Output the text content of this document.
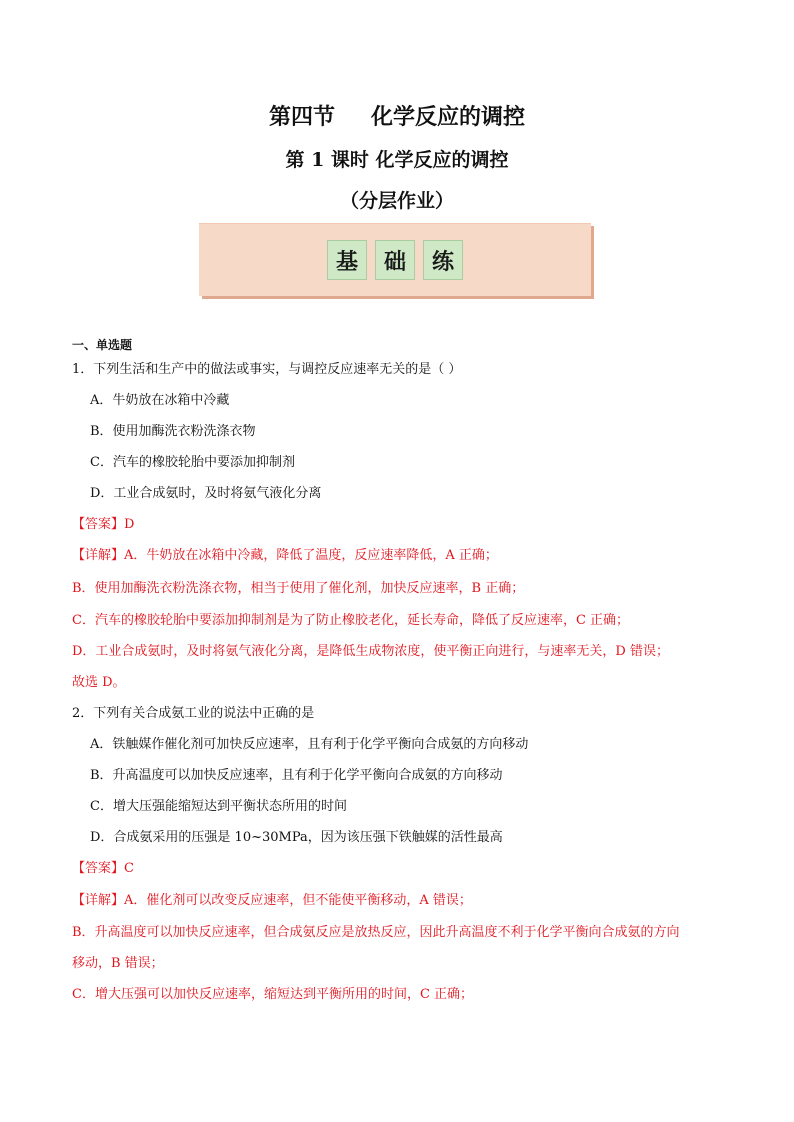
第四节 化学反应的调控
第 1 课时 化学反应的调控
（分层作业）
基	础	练
一、单选题
1．下列生活和生产中的做法或事实，与调控反应速率无关的是（ ）
A．牛奶放在冰箱中冷藏
B．使用加酶洗衣粉洗涤衣物
C．汽车的橡胶轮胎中要添加抑制剂
D．工业合成氨时，及时将氨气液化分离
【答案】D
【详解】A．牛奶放在冰箱中冷藏，降低了温度，反应速率降低，A 正确；
B．使用加酶洗衣粉洗涤衣物，相当于使用了催化剂，加快反应速率，B 正确；
C．汽车的橡胶轮胎中要添加抑制剂是为了防止橡胶老化，延长寿命，降低了反应速率，C 正确；
D．工业合成氨时，及时将氨气液化分离，是降低生成物浓度，使平衡正向进行，与速率无关，D 错误；
故选 D。
2．下列有关合成氨工业的说法中正确的是
A．铁触媒作催化剂可加快反应速率，且有利于化学平衡向合成氨的方向移动
B．升高温度可以加快反应速率，且有利于化学平衡向合成氨的方向移动
C．增大压强能缩短达到平衡状态所用的时间
D．合成氨采用的压强是 10~30MPa，因为该压强下铁触媒的活性最高
【答案】C
【详解】A．催化剂可以改变反应速率，但不能使平衡移动，A 错误；
B．升高温度可以加快反应速率，但合成氨反应是放热反应，因此升高温度不利于化学平衡向合成氨的方向
移动，B 错误；
C．增大压强可以加快反应速率，缩短达到平衡所用的时间，C 正确；
